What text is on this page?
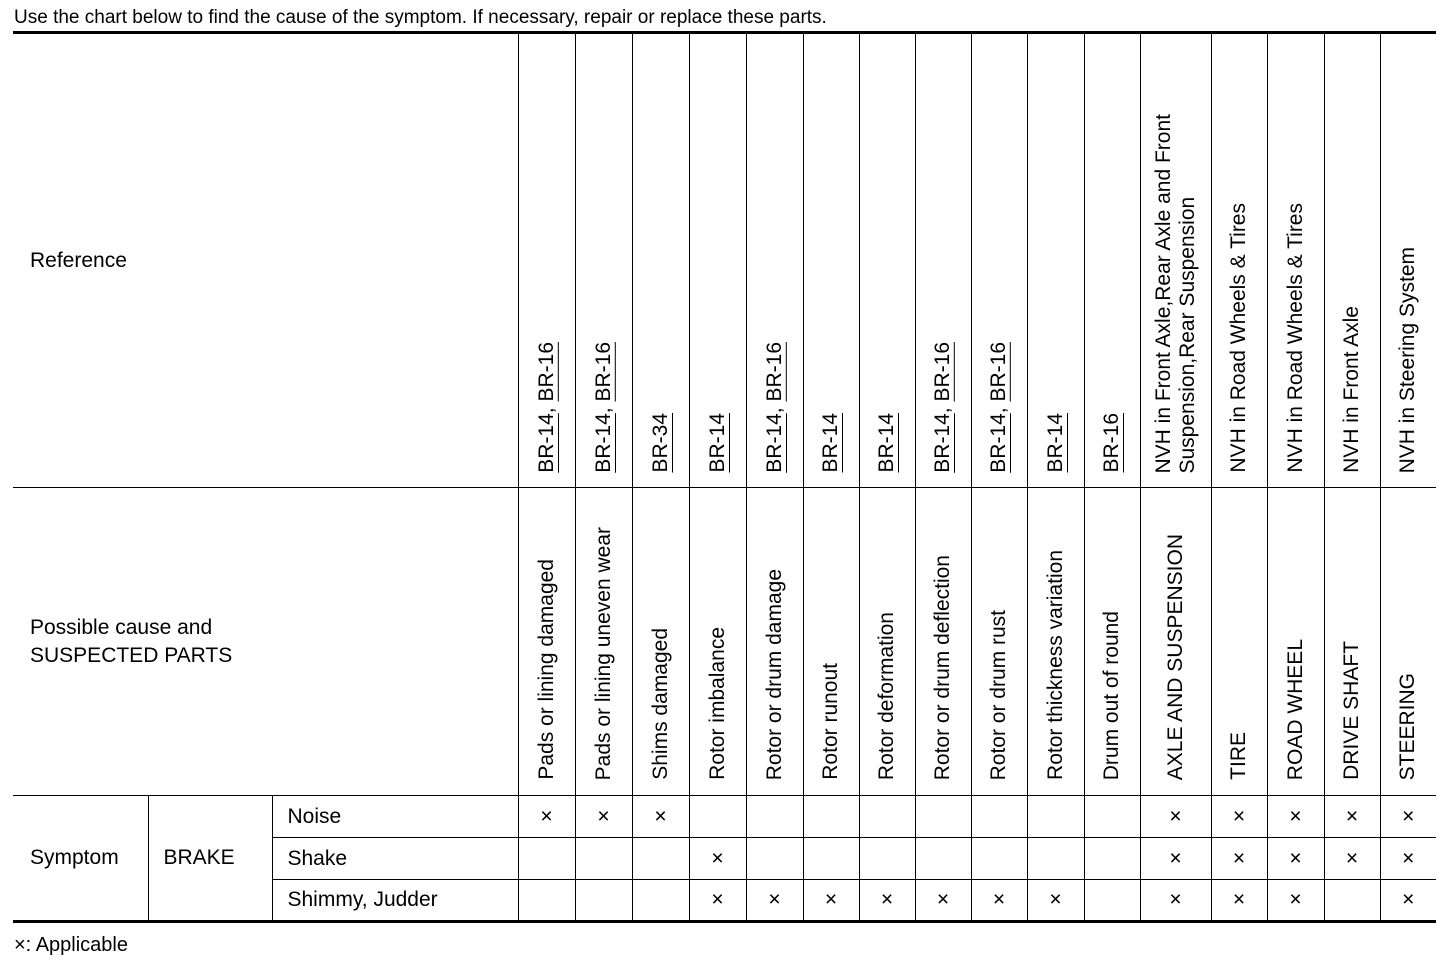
Use the chart below to find the cause of the symptom. If necessary, repair or replace these parts.
Reference			BR-14, BR-16	BR-14, BR-16	BR-34	BR-14	BR-14, BR-16	BR-14	BR-14	BR-14, BR-16	BR-14, BR-16	BR-14	BR-16	NVH in Front Axle,Rear Axle and Front
Suspension,Rear Suspension	NVH in Road Wheels & Tires	NVH in Road Wheels & Tires	NVH in Front Axle	NVH in Steering System

Possible cause and
SUSPECTED PARTS			Pads or lining damaged	Pads or lining uneven wear	Shims damaged	Rotor imbalance	Rotor or drum damage	Rotor runout	Rotor deformation	Rotor or drum deflection	Rotor or drum rust	Rotor thickness variation	Drum out of round	AXLE AND SUSPENSION	TIRE	ROAD WHEEL	DRIVE SHAFT	STEERING

Symptom	BRAKE	Noise	×	×	×									×	×	×	×	×
		Shake				×								×	×	×	×	×
		Shimmy, Judder				×	×	×	×	×	×	×		×	×	×		×
×: Applicable
